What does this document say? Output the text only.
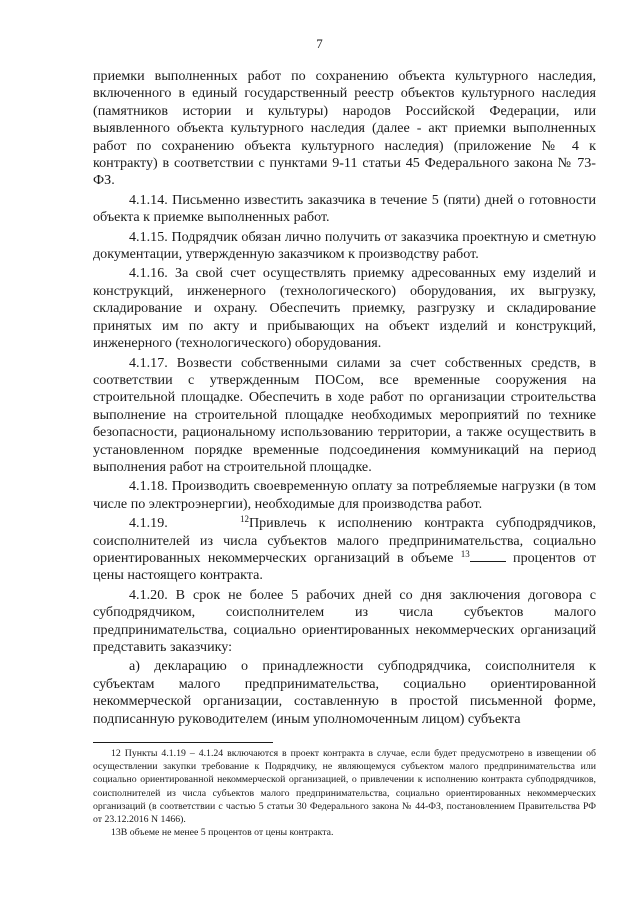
7

приемки выполненных работ по сохранению объекта культурного наследия, включенного в единый государственный реестр объектов культурного наследия (памятников истории и культуры) народов Российской Федерации, или выявленного объекта культурного наследия (далее - акт приемки выполненных работ по сохранению объекта культурного наследия) (приложение № 4 к контракту) в соответствии с пунктами 9-11 статьи 45 Федерального закона № 73-ФЗ.

4.1.14. Письменно известить заказчика в течение 5 (пяти) дней о готовности объекта к приемке выполненных работ.

4.1.15. Подрядчик обязан лично получить от заказчика проектную и сметную документации, утвержденную заказчиком к производству работ.

4.1.16. За свой счет осуществлять приемку адресованных ему изделий и конструкций, инженерного (технологического) оборудования, их выгрузку, складирование и охрану. Обеспечить приемку, разгрузку и складирование принятых им по акту и прибывающих на объект изделий и конструкций, инженерного (технологического) оборудования.

4.1.17. Возвести собственными силами за счет собственных средств, в соответствии с утвержденным ПОСом, все временные сооружения на строительной площадке. Обеспечить в ходе работ по организации строительства выполнение на строительной площадке необходимых мероприятий по технике безопасности, рациональному использованию территории, а также осуществить в установленном порядке временные подсоединения коммуникаций на период выполнения работ на строительной площадке.

4.1.18. Производить своевременную оплату за потребляемые нагрузки (в том числе по электроэнергии), необходимые для производства работ.

4.1.19.	$^{12}$Привлечь к исполнению контракта субподрядчиков, соисполнителей из числа субъектов малого предпринимательства, социально ориентированных некоммерческих организаций в объеме $^{13}$	процентов от цены настоящего контракта.

4.1.20. В срок не более 5 рабочих дней со дня заключения договора с субподрядчиком, соисполнителем из числа субъектов малого предпринимательства, социально ориентированных некоммерческих организаций представить заказчику:

а) декларацию о принадлежности субподрядчика, соисполнителя к субъектам малого предпринимательства, социально ориентированной некоммерческой организации, составленную в простой письменной форме, подписанную руководителем (иным уполномоченным лицом) субъекта

12 Пункты 4.1.19 – 4.1.24 включаются в проект контракта в случае, если будет предусмотрено в извещении об осуществлении закупки требование к Подрядчику, не являющемуся субъектом малого предпринимательства или социально ориентированной некоммерческой организацией, о привлечении к исполнению контракта субподрядчиков, соисполнителей из числа субъектов малого предпринимательства, социально ориентированных некоммерческих организаций (в соответствии с частью 5 статьи 30 Федерального закона № 44-ФЗ, постановлением Правительства РФ от 23.12.2016 N 1466).

13В объеме не менее 5 процентов от цены контракта.
